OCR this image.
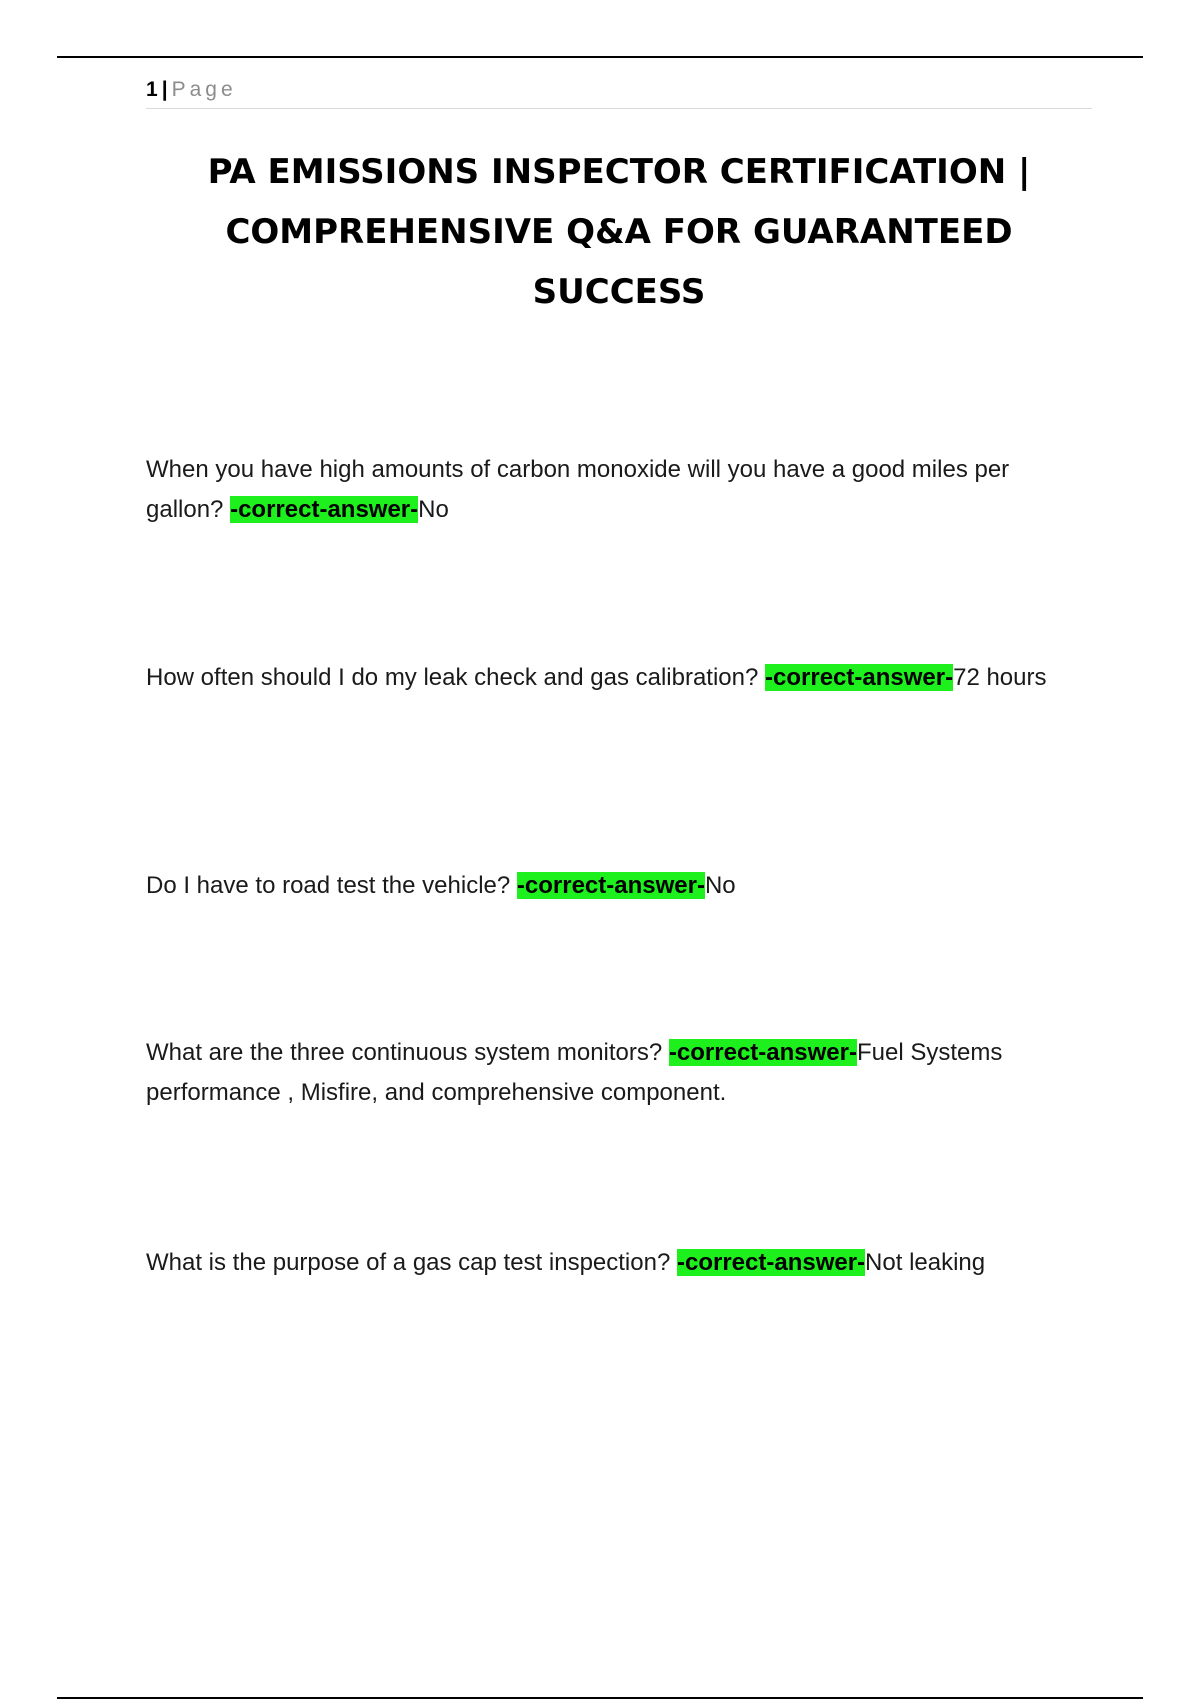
1 | Page
PA EMISSIONS INSPECTOR CERTIFICATION | COMPREHENSIVE Q&A FOR GUARANTEED SUCCESS

When you have high amounts of carbon monoxide will you have a good miles per gallon? -correct-answer-No

How often should I do my leak check and gas calibration? -correct-answer-72 hours

Do I have to road test the vehicle? -correct-answer-No

What are the three continuous system monitors? -correct-answer-Fuel Systems performance , Misfire, and comprehensive component.

What is the purpose of a gas cap test inspection? -correct-answer-Not leaking
